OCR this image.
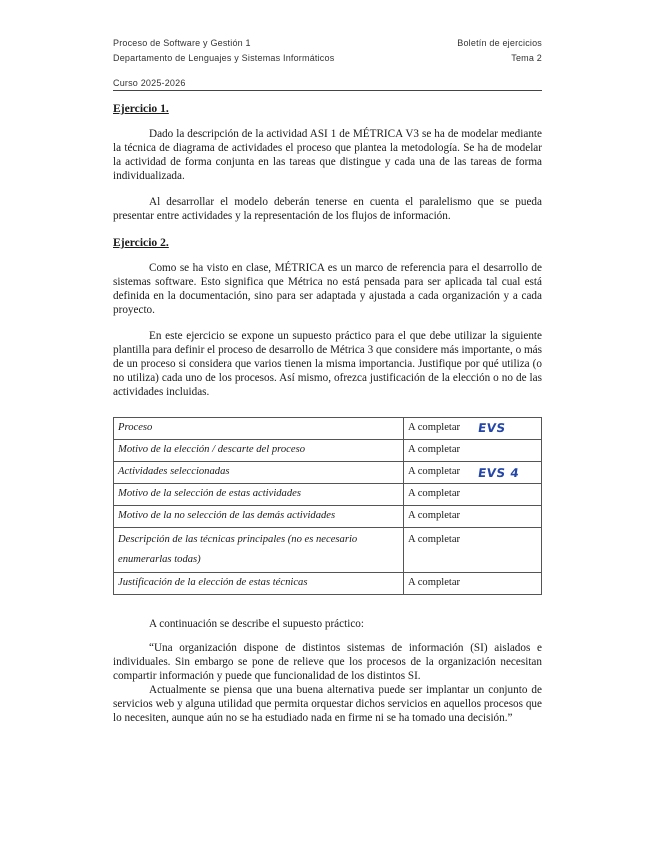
Proceso de Software y Gestión 1
Departamento de Lenguajes y Sistemas Informáticos
Boletín de ejercicios
Tema 2
Curso 2025-2026
Ejercicio 1.

Dado la descripción de la actividad ASI 1 de MÉTRICA V3 se ha de modelar mediante la técnica de diagrama de actividades el proceso que plantea la metodología. Se ha de modelar la actividad de forma conjunta en las tareas que distingue y cada una de las tareas de forma individualizada.

Al desarrollar el modelo deberán tenerse en cuenta el paralelismo que se pueda presentar entre actividades y la representación de los flujos de información.

Ejercicio 2.

Como se ha visto en clase, MÉTRICA es un marco de referencia para el desarrollo de sistemas software. Esto significa que Métrica no está pensada para ser aplicada tal cual está definida en la documentación, sino para ser adaptada y ajustada a cada organización y a cada proyecto.

En este ejercicio se expone un supuesto práctico para el que debe utilizar la siguiente plantilla para definir el proceso de desarrollo de Métrica 3 que considere más importante, o más de un proceso si considera que varios tienen la misma importancia. Justifique por qué utiliza (o no utiliza) cada uno de los procesos. Así mismo, ofrezca justificación de la elección o no de las actividades incluidas.

Proceso	A completar EVS

Motivo de la elección / descarte del proceso	A completar
Actividades seleccionadas	A completar EVS 4

Motivo de la selección de estas actividades	A completar
Motivo de la no selección de las demás actividades	A completar
Descripción de las técnicas principales (no es necesario enumerarlas todas)	A completar
Justificación de la elección de estas técnicas	A completar

A continuación se describe el supuesto práctico:

“Una organización dispone de distintos sistemas de información (SI) aislados e individuales. Sin embargo se pone de relieve que los procesos de la organización necesitan compartir información y puede que funcionalidad de los distintos SI.

Actualmente se piensa que una buena alternativa puede ser implantar un conjunto de servicios web y alguna utilidad que permita orquestar dichos servicios en aquellos procesos que lo necesiten, aunque aún no se ha estudiado nada en firme ni se ha tomado una decisión.”
